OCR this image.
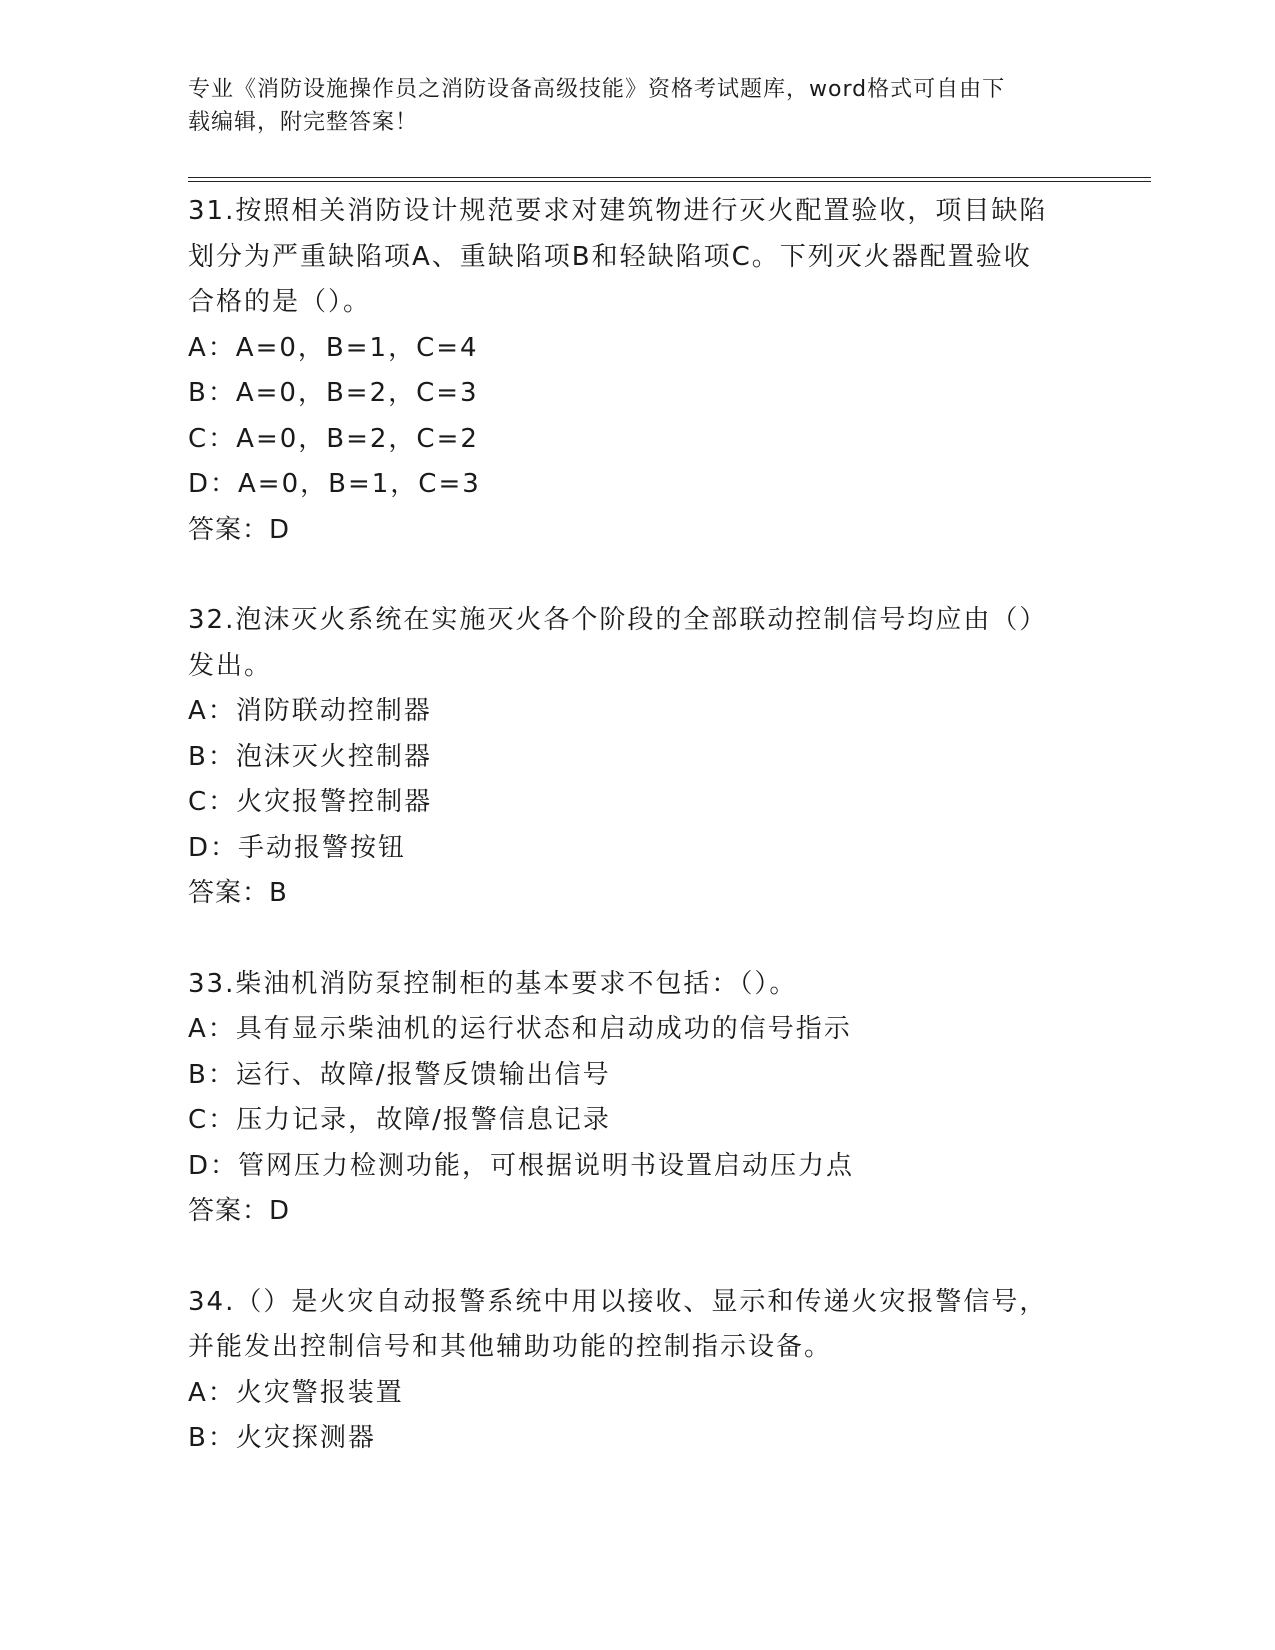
专业《消防设施操作员之消防设备高级技能》资格考试题库，word格式可自由下
载编辑，附完整答案！
31.按照相关消防设计规范要求对建筑物进行灭火配置验收，项目缺陷
划分为严重缺陷项A、重缺陷项B和轻缺陷项C。下列灭火器配置验收
合格的是（）。
A：A=0，B=1，C=4
B：A=0，B=2，C=3
C：A=0，B=2，C=2
D：A=0，B=1，C=3
答案：D
32.泡沫灭火系统在实施灭火各个阶段的全部联动控制信号均应由（）
发出。
A：消防联动控制器
B：泡沫灭火控制器
C：火灾报警控制器
D：手动报警按钮
答案：B
33.柴油机消防泵控制柜的基本要求不包括：（）。
A：具有显示柴油机的运行状态和启动成功的信号指示
B：运行、故障/报警反馈输出信号
C：压力记录，故障/报警信息记录
D：管网压力检测功能，可根据说明书设置启动压力点
答案：D
34.（）是火灾自动报警系统中用以接收、显示和传递火灾报警信号，
并能发出控制信号和其他辅助功能的控制指示设备。
A：火灾警报装置
B：火灾探测器
